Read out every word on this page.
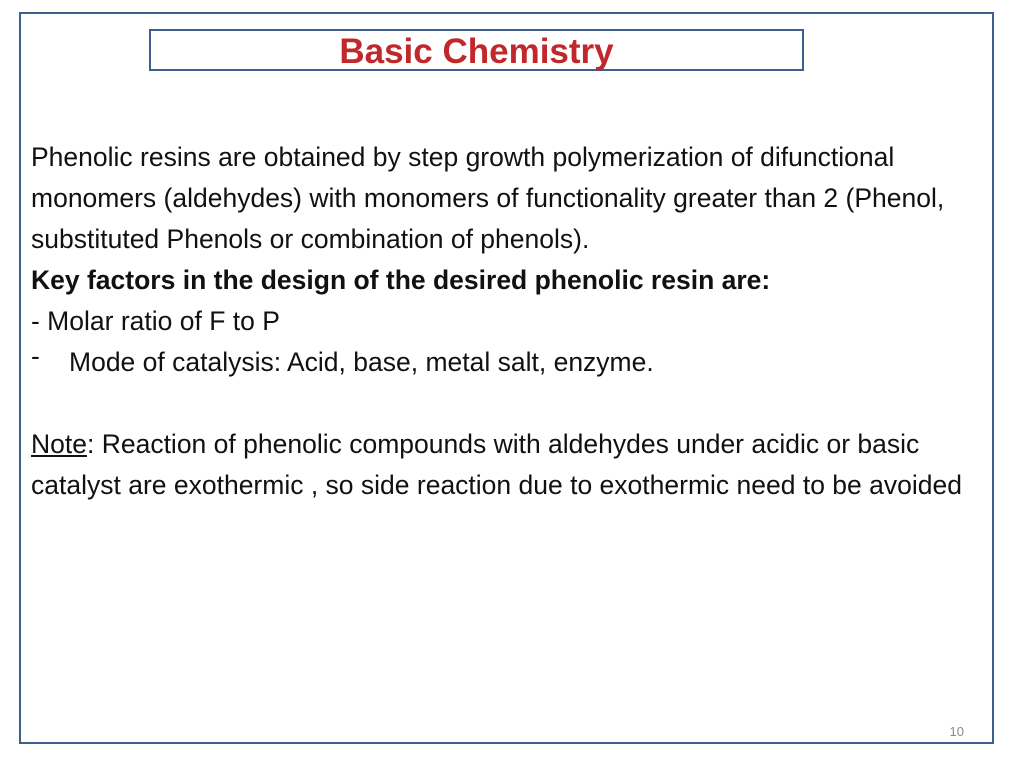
Basic Chemistry

Phenolic resins are obtained by step growth polymerization of difunctional monomers (aldehydes) with monomers of functionality greater than 2 (Phenol, substituted Phenols or combination of phenols).

Key factors in the design of the desired phenolic resin are:

- Molar ratio of F to P

- Mode of catalysis: Acid, base, metal salt, enzyme.

Note: Reaction of phenolic compounds with aldehydes under acidic or basic catalyst are exothermic , so side reaction due to exothermic need to be avoided

10
